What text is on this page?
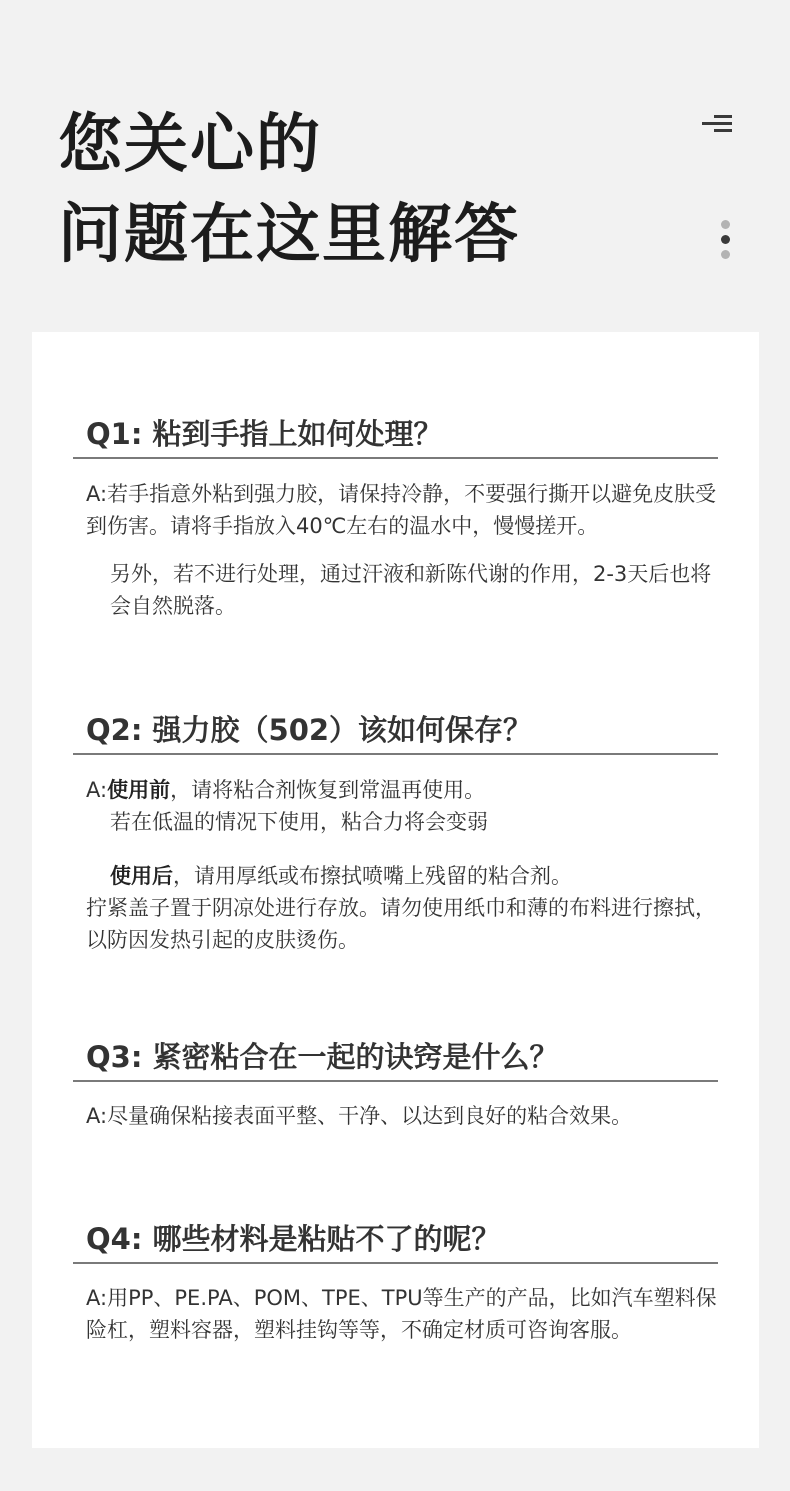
您关心的
问题在这里解答
Q1: 粘到手指上如何处理？

A:若手指意外粘到强力胶，请保持冷静，不要强行撕开以避免皮肤受到伤害。请将手指放入40℃左右的温水中，慢慢搓开。

另外，若不进行处理，通过汗液和新陈代谢的作用，2-3天后也将会自然脱落。

Q2: 强力胶（502）该如何保存？

A:使用前，请将粘合剂恢复到常温再使用。

若在低温的情况下使用，粘合力将会变弱

使用后，请用厚纸或布擦拭喷嘴上残留的粘合剂。

拧紧盖子置于阴凉处进行存放。请勿使用纸巾和薄的布料进行擦拭，以防因发热引起的皮肤烫伤。

Q3: 紧密粘合在一起的诀窍是什么？

A:尽量确保粘接表面平整、干净、以达到良好的粘合效果。

Q4: 哪些材料是粘贴不了的呢？

A:用PP、PE.PA、POM、TPE、TPU等生产的产品，比如汽车塑料保险杠，塑料容器，塑料挂钩等等，不确定材质可咨询客服。
